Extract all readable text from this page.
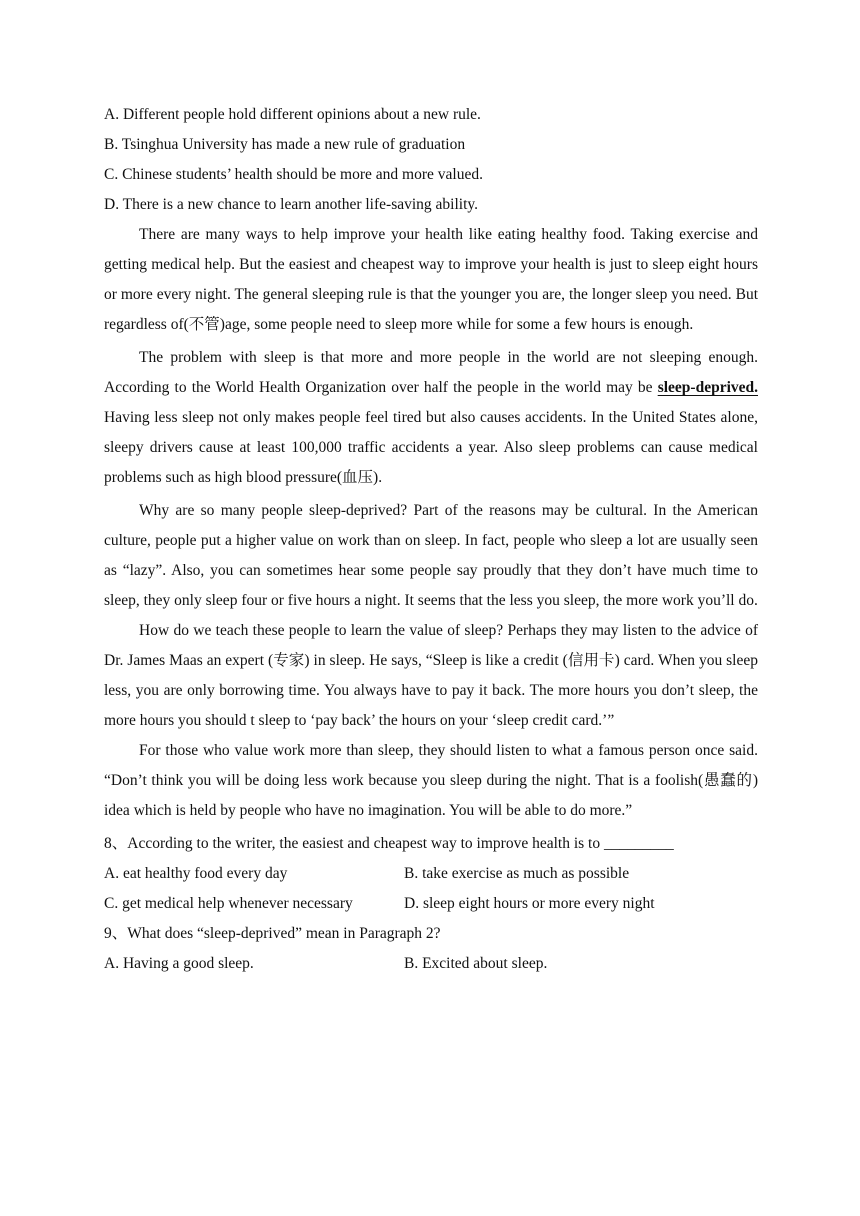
A. Different people hold different opinions about a new rule.

B. Tsinghua University has made a new rule of graduation

C. Chinese students’ health should be more and more valued.

D. There is a new chance to learn another life-saving ability.

There are many ways to help improve your health like eating healthy food. Taking exercise and getting medical help. But the easiest and cheapest way to improve your health is just to sleep eight hours or more every night. The general sleeping rule is that the younger you are, the longer sleep you need. But regardless of(不管)age, some people need to sleep more while for some a few hours is enough.

The problem with sleep is that more and more people in the world are not sleeping enough. According to the World Health Organization over half the people in the world may be sleep-deprived. Having less sleep not only makes people feel tired but also causes accidents. In the United States alone, sleepy drivers cause at least 100,000 traffic accidents a year. Also sleep problems can cause medical problems such as high blood pressure(血压).

Why are so many people sleep-deprived? Part of the reasons may be cultural. In the American culture, people put a higher value on work than on sleep. In fact, people who sleep a lot are usually seen as “lazy”. Also, you can sometimes hear some people say proudly that they don’t have much time to sleep, they only sleep four or five hours a night. It seems that the less you sleep, the more work you’ll do.

How do we teach these people to learn the value of sleep? Perhaps they may listen to the advice of Dr. James Maas an expert (专家) in sleep. He says, “Sleep is like a credit (信用卡) card. When you sleep less, you are only borrowing time. You always have to pay it back. The more hours you don’t sleep, the more hours you should t sleep to ‘pay back’ the hours on your ‘sleep credit card.’”

For those who value work more than sleep, they should listen to what a famous person once said. “Don’t think you will be doing less work because you sleep during the night. That is a foolish(愚蠢的) idea which is held by people who have no imagination. You will be able to do more.”

8、According to the writer, the easiest and cheapest way to improve health is to _________

A. eat healthy food every day	B. take exercise as much as possible
C. get medical help whenever necessary	D. sleep eight hours or more every night

9、What does “sleep-deprived” mean in Paragraph 2?

A. Having a good sleep.	B. Excited about sleep.
